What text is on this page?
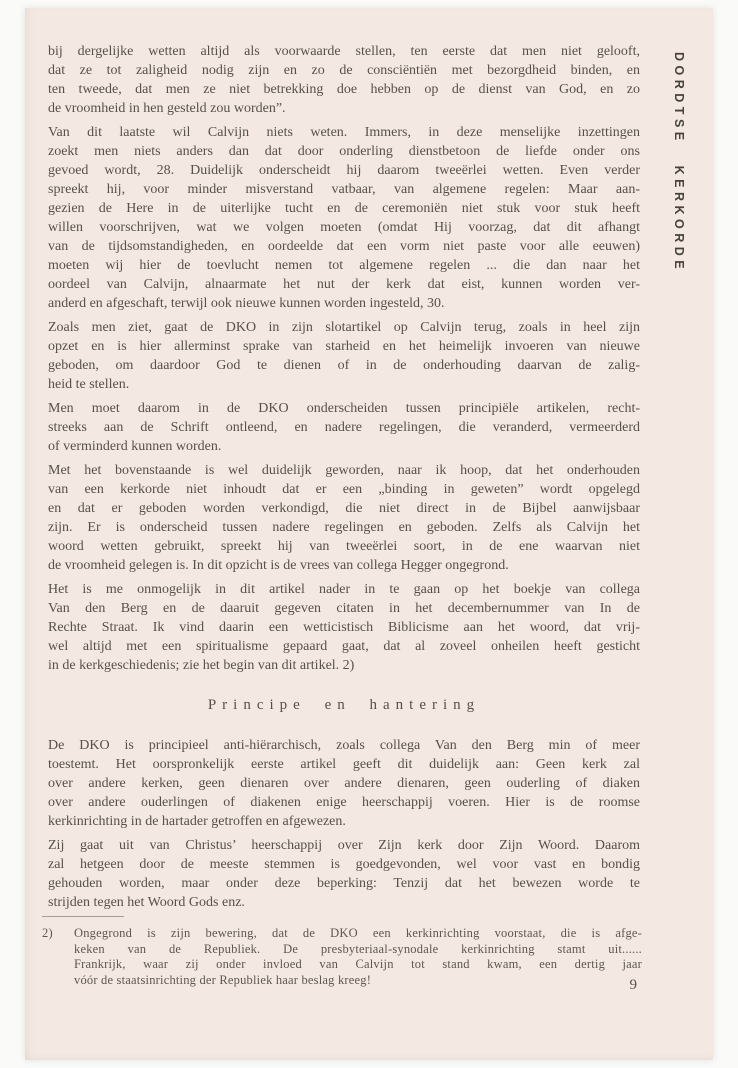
DORDTSE KERKORDE
bij dergelijke wetten altijd als voorwaarde stellen, ten eerste dat men niet gelooft,
dat ze tot zaligheid nodig zijn en zo de consciëntiën met bezorgdheid binden, en
ten tweede, dat men ze niet betrekking doe hebben op de dienst van God, en zo
de vroomheid in hen gesteld zou worden”.
Van dit laatste wil Calvijn niets weten. Immers, in deze menselijke inzettingen
zoekt men niets anders dan dat door onderling dienstbetoon de liefde onder ons
gevoed wordt, 28. Duidelijk onderscheidt hij daarom tweeërlei wetten. Even verder
spreekt hij, voor minder misverstand vatbaar, van algemene regelen: Maar aan-
gezien de Here in de uiterlijke tucht en de ceremoniën niet stuk voor stuk heeft
willen voorschrijven, wat we volgen moeten (omdat Hij voorzag, dat dit afhangt
van de tijdsomstandigheden, en oordeelde dat een vorm niet paste voor alle eeuwen)
moeten wij hier de toevlucht nemen tot algemene regelen ... die dan naar het
oordeel van Calvijn, alnaarmate het nut der kerk dat eist, kunnen worden ver-
anderd en afgeschaft, terwijl ook nieuwe kunnen worden ingesteld, 30.
Zoals men ziet, gaat de DKO in zijn slotartikel op Calvijn terug, zoals in heel zijn
opzet en is hier allerminst sprake van starheid en het heimelijk invoeren van nieuwe
geboden, om daardoor God te dienen of in de onderhouding daarvan de zalig-
heid te stellen.
Men moet daarom in de DKO onderscheiden tussen principiële artikelen, recht-
streeks aan de Schrift ontleend, en nadere regelingen, die veranderd, vermeerderd
of verminderd kunnen worden.
Met het bovenstaande is wel duidelijk geworden, naar ik hoop, dat het onderhouden
van een kerkorde niet inhoudt dat er een „binding in geweten” wordt opgelegd
en dat er geboden worden verkondigd, die niet direct in de Bijbel aanwijsbaar
zijn. Er is onderscheid tussen nadere regelingen en geboden. Zelfs als Calvijn het
woord wetten gebruikt, spreekt hij van tweeërlei soort, in de ene waarvan niet
de vroomheid gelegen is. In dit opzicht is de vrees van collega Hegger ongegrond.
Het is me onmogelijk in dit artikel nader in te gaan op het boekje van collega
Van den Berg en de daaruit gegeven citaten in het decembernummer van In de
Rechte Straat. Ik vind daarin een wetticistisch Biblicisme aan het woord, dat vrij-
wel altijd met een spiritualisme gepaard gaat, dat al zoveel onheilen heeft gesticht
in de kerkgeschiedenis; zie het begin van dit artikel. 2)
Principe en hantering
De DKO is principieel anti-hiërarchisch, zoals collega Van den Berg min of meer
toestemt. Het oorspronkelijk eerste artikel geeft dit duidelijk aan: Geen kerk zal
over andere kerken, geen dienaren over andere dienaren, geen ouderling of diaken
over andere ouderlingen of diakenen enige heerschappij voeren. Hier is de roomse
kerkinrichting in de hartader getroffen en afgewezen.
Zij gaat uit van Christus’ heerschappij over Zijn kerk door Zijn Woord. Daarom
zal hetgeen door de meeste stemmen is goedgevonden, wel voor vast en bondig
gehouden worden, maar onder deze beperking: Tenzij dat het bewezen worde te
strijden tegen het Woord Gods enz.
2)	Ongegrond is zijn bewering, dat de DKO een kerkinrichting voorstaat, die is afge-
keken van de Republiek. De presbyteriaal-synodale kerkinrichting stamt uit......
Frankrijk, waar zij onder invloed van Calvijn tot stand kwam, een dertig jaar
vóór de staatsinrichting der Republiek haar beslag kreeg!	9
